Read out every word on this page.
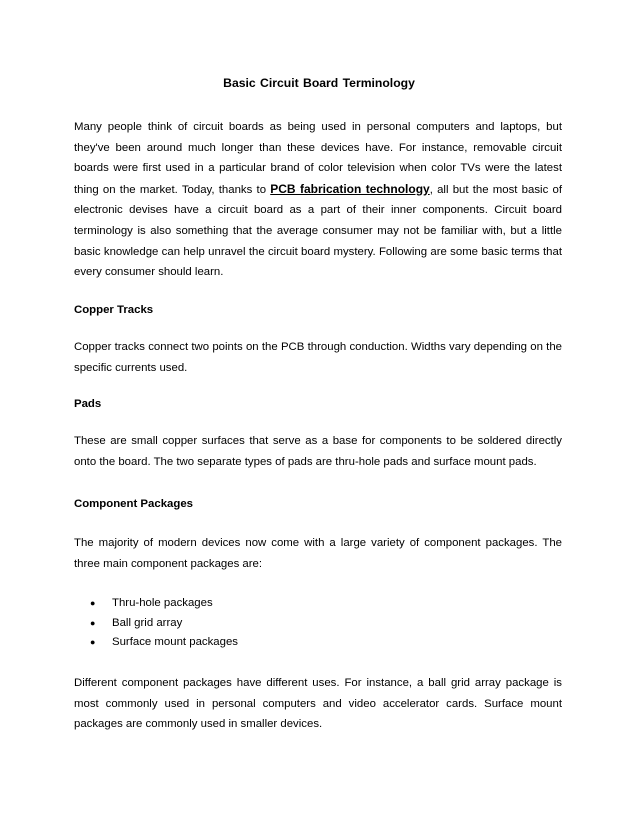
Basic Circuit Board Terminology

Many people think of circuit boards as being used in personal computers and laptops, but they've been around much longer than these devices have. For instance, removable circuit boards were first used in a particular brand of color television when color TVs were the latest thing on the market. Today, thanks to PCB fabrication technology, all but the most basic of electronic devises have a circuit board as a part of their inner components. Circuit board terminology is also something that the average consumer may not be familiar with, but a little basic knowledge can help unravel the circuit board mystery. Following are some basic terms that every consumer should learn.

Copper Tracks

Copper tracks connect two points on the PCB through conduction. Widths vary depending on the specific currents used.

Pads

These are small copper surfaces that serve as a base for components to be soldered directly onto the board. The two separate types of pads are thru-hole pads and surface mount pads.

Component Packages

The majority of modern devices now come with a large variety of component packages. The three main component packages are:

● Thru-hole packages
● Ball grid array
● Surface mount packages

Different component packages have different uses. For instance, a ball grid array package is most commonly used in personal computers and video accelerator cards. Surface mount packages are commonly used in smaller devices.
